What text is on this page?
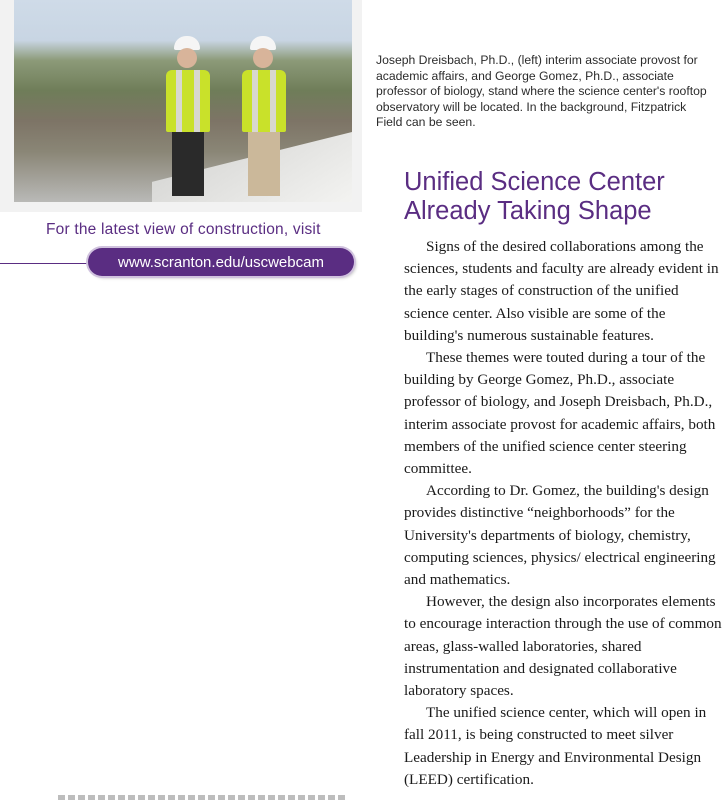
Joseph Dreisbach, Ph.D., (left) interim associate provost for academic affairs, and George Gomez, Ph.D., associate professor of biology, stand where the science center's rooftop observatory will be located. In the background, Fitzpatrick Field can be seen.
For the latest view of construction, visit
www.scranton.edu/uscwebcam
Unified Science Center Already Taking Shape

Signs of the desired collaborations among the sciences, students and faculty are already evident in the early stages of construction of the unified science center. Also visible are some of the building's numerous sustainable features.

These themes were touted during a tour of the building by George Gomez, Ph.D., associate professor of biology, and Joseph Dreisbach, Ph.D., interim associate provost for academic affairs, both members of the unified science center steering committee.

According to Dr. Gomez, the building's design provides distinctive “neighborhoods” for the University's departments of biology, chemistry, computing sciences, physics/ electrical engineering and mathematics.

However, the design also incorporates elements to encourage interaction through the use of common areas, glass-walled laboratories, shared instrumentation and designated collaborative laboratory spaces.

The unified science center, which will open in fall 2011, is being constructed to meet silver Leadership in Energy and Environmental Design (LEED) certification.
